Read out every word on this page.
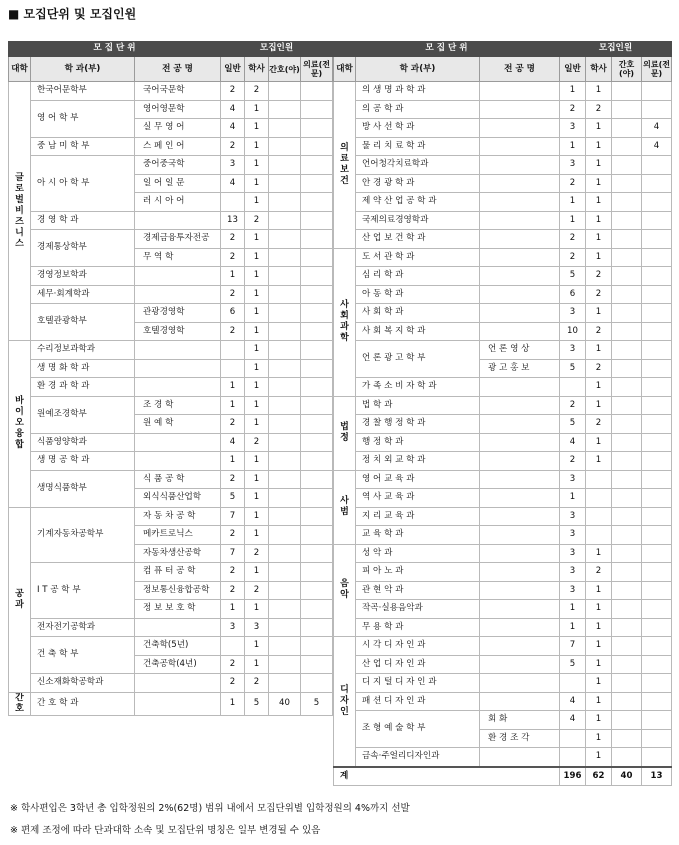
■ 모집단위 및 모집인원
모 집 단 위			모집인원			
대학	학 과(부)	전 공 명	일반	학사	간호(야)	의료(전문)
글로벌비즈니스	한국어문학부	국어국문학	2	2		
	영 어 학 부	영어영문학	4	1		
		실 무 영 어	4	1		
	중 남 미 학 부	스 페 인 어	2	1		
	아 시 아 학 부	중어중국학	3	1		
		일 어 일 문	4	1		
		러 시 아 어		1		
	경 영 학 과		13	2		
	경제통상학부	경제금융투자전공	2	1		
		무 역 학	2	1		
	경영정보학과		1	1		
	세무·회계학과		2	1		
	호텔관광학부	관광경영학	6	1		
		호텔경영학	2	1		
바이오융합	수리정보과학과			1		
	생 명 화 학 과			1		
	환 경 과 학 과		1	1		
	원예조경학부	조 경 학	1	1		
		원 예 학	2	1		
	식품영양학과		4	2		
	생 명 공 학 과		1	1		
	생명식품학부	식 품 공 학	2	1		
		외식식품산업학	5	1		
공과	기계자동차공학부	자 동 차 공 학	7	1		
		메카트로닉스	2	1		
		자동차생산공학	7	2		
	I T 공 학 부	컴 퓨 터 공 학	2	1		
		정보통신융합공학	2	2		
		정 보 보 호 학	1	1		
	전자전기공학과		3	3		
	건 축 학 부	건축학(5년)		1		
		건축공학(4년)	2	1		
	신소재화학공학과		2	2		
간호	간 호 학 과		1	5	40	5
모 집 단 위			모집인원			
대학	학 과(부)	전 공 명	일반	학사	간호(야)	의료(전문)
의료보건	의 생 명 과 학 과		1	1		
	의 공 학 과		2	2		
	방 사 선 학 과		3	1		4
	물 리 치 료 학 과		1	1		4
	언어청각치료학과		3	1		
	안 경 광 학 과		2	1		
	제 약 산 업 공 학 과		1	1		
	국제의료경영학과		1	1		
	산 업 보 건 학 과		2	1		
사회과학	도 서 관 학 과		2	1		
	심 리 학 과		5	2		
	아 동 학 과		6	2		
	사 회 학 과		3	1		
	사 회 복 지 학 과		10	2		
	언 론 광 고 학 부	언 론 영 상	3	1		
		광 고 홍 보	5	2		
	가 족 소 비 자 학 과			1		
법정	법 학 과		2	1		
	경 찰 행 정 학 과		5	2		
	행 정 학 과		4	1		
	정 치 외 교 학 과		2	1		
사범	영 어 교 육 과		3			
	역 사 교 육 과		1			
	지 리 교 육 과		3			
	교 육 학 과		3			
음악	성 악 과		3	1		
	피 아 노 과		3	2		
	관 현 악 과		3	1		
	작곡·실용음악과		1	1		
	무 용 학 과		1	1		
디자인	시 각 디 자 인 과		7	1		
	산 업 디 자 인 과		5	1		
	디 지 털 디 자 인 과			1		
	패 션 디 자 인 과		4	1		
	조 형 예 술 학 부	회 화	4	1		
		환 경 조 각		1		
	금속·주얼리디자인과			1		
계			196	62	40	13
※ 학사편입은 3학년 총 입학정원의 2%(62명) 범위 내에서 모집단위별 입학정원의 4%까지 선발
※ 편제 조정에 따라 단과대학 소속 및 모집단위 명칭은 일부 변경될 수 있음
